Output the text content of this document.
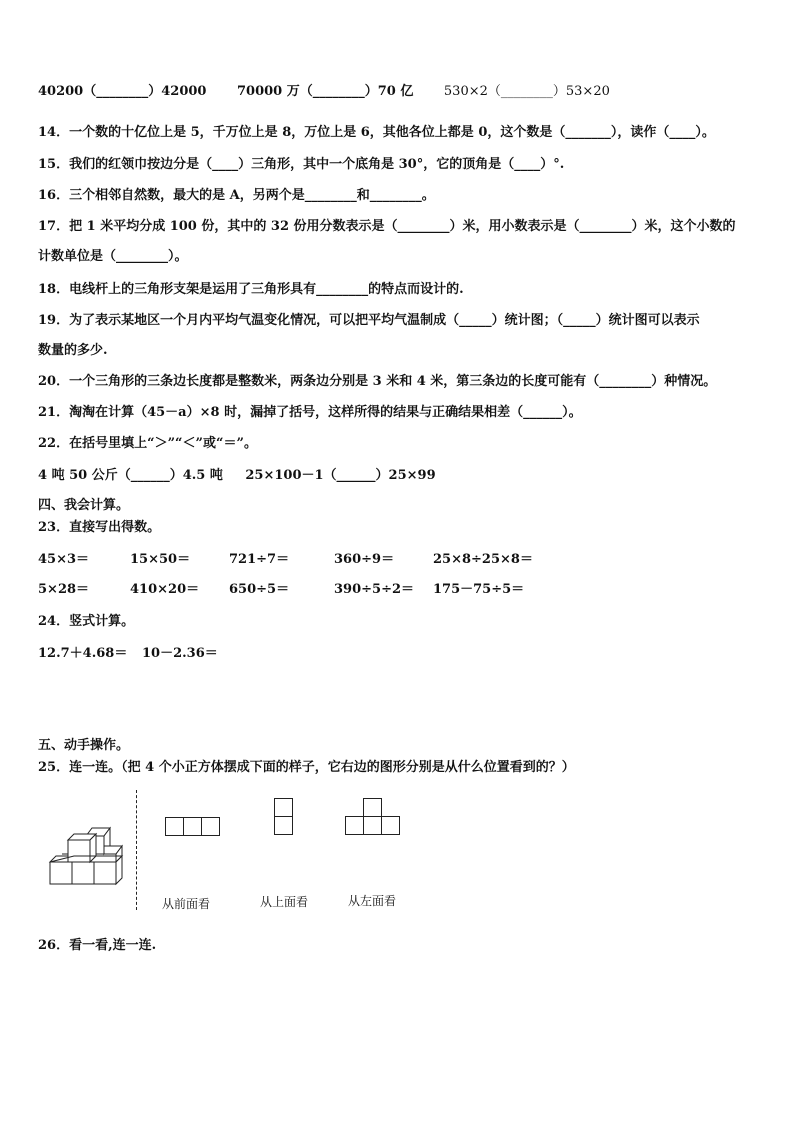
40200（________）42000 70000 万（________）70 亿 530×2（________）53×20
14．一个数的十亿位上是 5，千万位上是 8，万位上是 6，其他各位上都是 0，这个数是（_______），读作（____）。
15．我们的红领巾按边分是（____）三角形，其中一个底角是 30°，它的顶角是（____）°.
16．三个相邻自然数，最大的是 A，另两个是________和________。
17．把 1 米平均分成 100 份，其中的 32 份用分数表示是（________）米，用小数表示是（________）米，这个小数的
计数单位是（________）。
18．电线杆上的三角形支架是运用了三角形具有________的特点而设计的.
19．为了表示某地区一个月内平均气温变化情况，可以把平均气温制成（_____）统计图；（_____）统计图可以表示
数量的多少.
20．一个三角形的三条边长度都是整数米，两条边分别是 3 米和 4 米，第三条边的长度可能有（________）种情况。
21．淘淘在计算（45－a）×8 时，漏掉了括号，这样所得的结果与正确结果相差（______）。
22．在括号里填上“＞”“＜”或“＝”。
4 吨 50 公斤（______）4.5 吨 25×100－1（______）25×99
四、我会计算。
23．直接写出得数。
45×3＝	15×50＝	721÷7＝	360÷9＝	25×8÷25×8＝
5×28＝	410×20＝ 650÷5＝	390÷5÷2＝ 175－75÷5＝
24．竖式计算。
12.7＋4.68＝ 10－2.36＝
五、动手操作。
25．连一连。（把 4 个小正方体摆成下面的样子，它右边的图形分别是从什么位置看到的？）
从前面看	从上面看	从左面看
26．看一看,连一连.
